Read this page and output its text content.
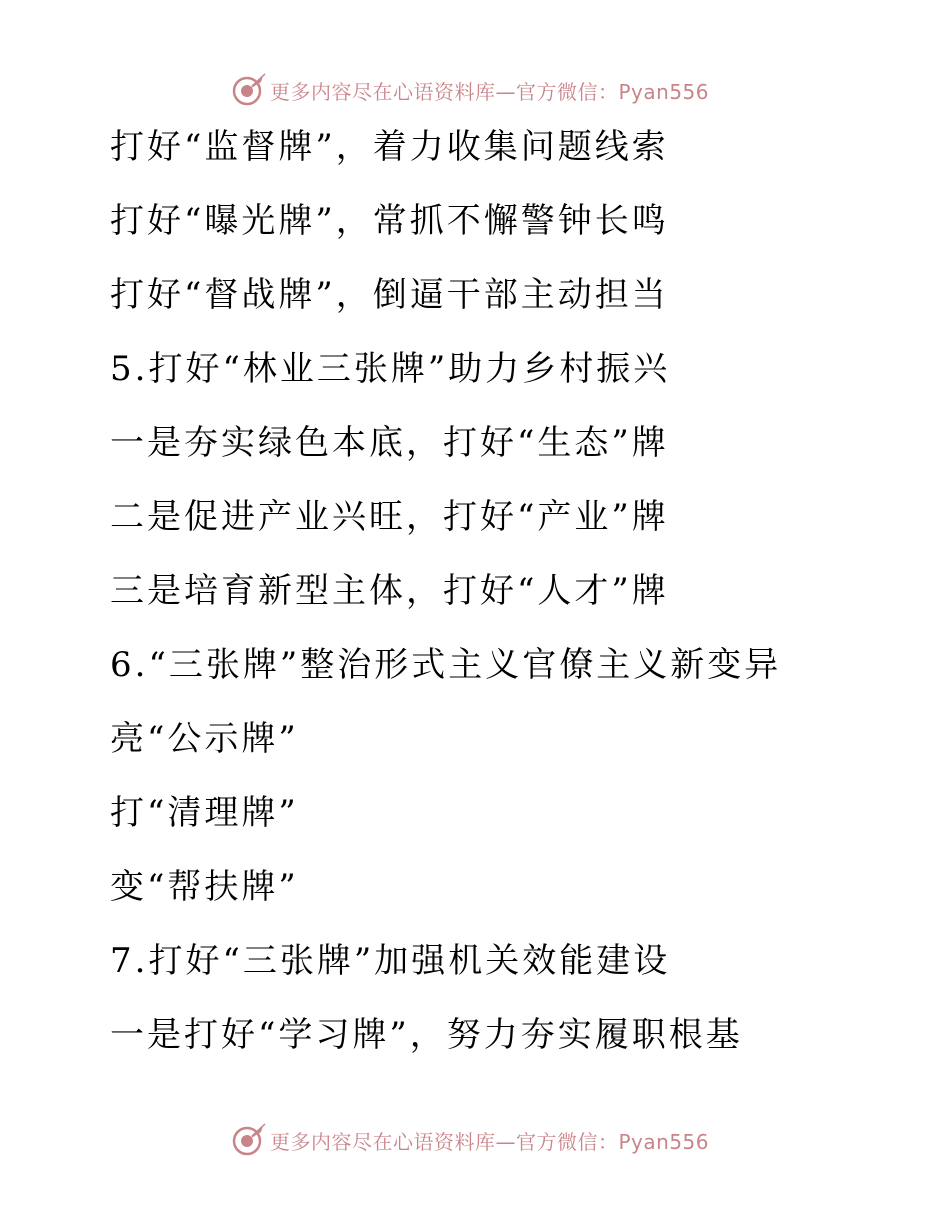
更多内容尽在心语资料库—官方微信：Pyan556
打好“监督牌”，着力收集问题线索
打好“曝光牌”，常抓不懈警钟长鸣
打好“督战牌”，倒逼干部主动担当
5.打好“林业三张牌”助力乡村振兴
一是夯实绿色本底，打好“生态”牌
二是促进产业兴旺，打好“产业”牌
三是培育新型主体，打好“人才”牌
6.“三张牌”整治形式主义官僚主义新变异
亮“公示牌”
打“清理牌”
变“帮扶牌”
7.打好“三张牌”加强机关效能建设
一是打好“学习牌”，努力夯实履职根基
更多内容尽在心语资料库—官方微信：Pyan556
